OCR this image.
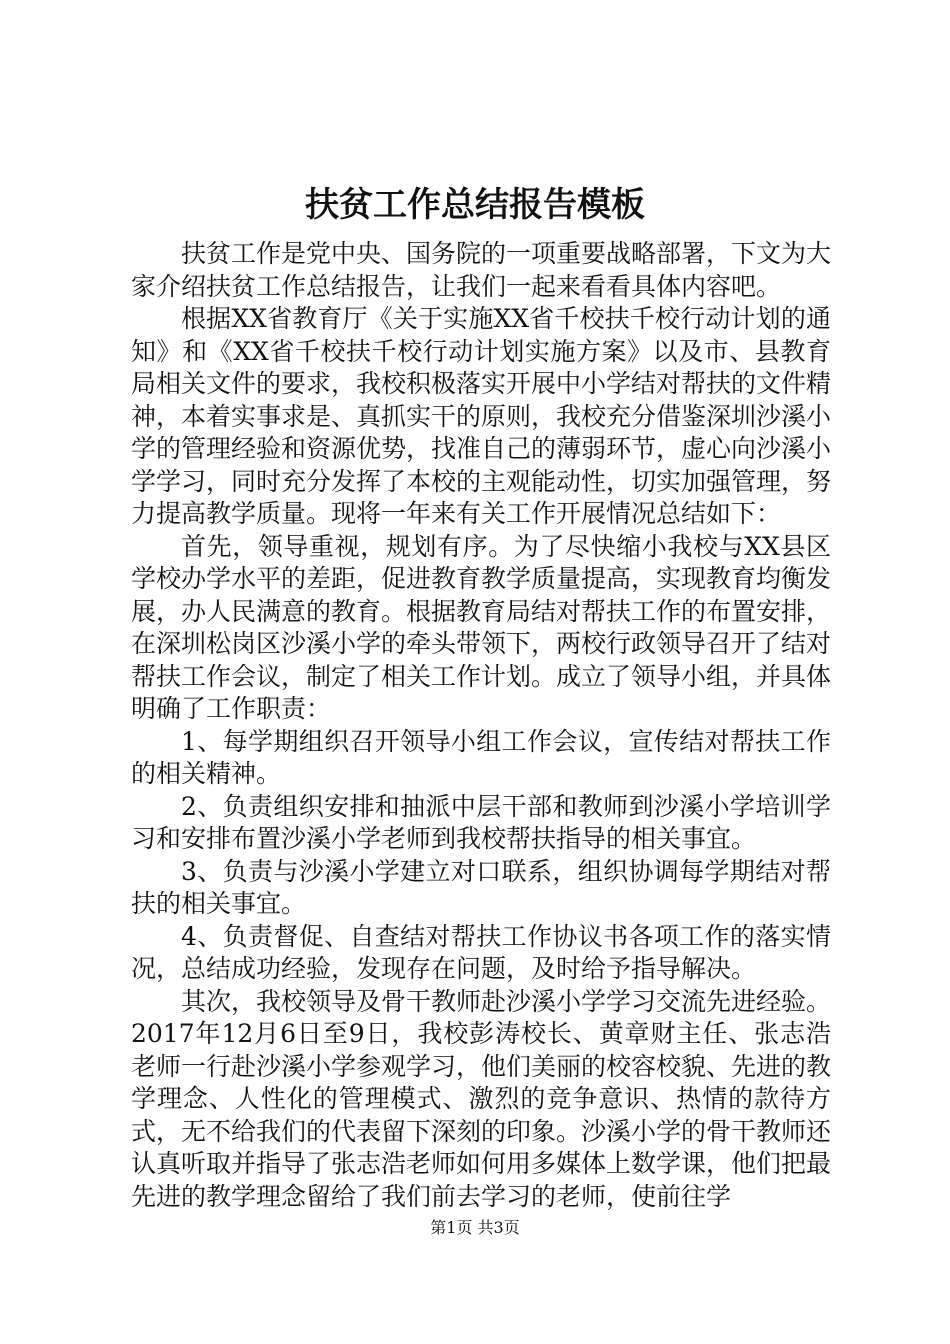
扶贫工作总结报告模板

扶贫工作是党中央、国务院的一项重要战略部署，下文为大家介绍扶贫工作总结报告，让我们一起来看看具体内容吧。

根据XX省教育厅《关于实施XX省千校扶千校行动计划的通知》和《XX省千校扶千校行动计划实施方案》以及市、县教育局相关文件的要求，我校积极落实开展中小学结对帮扶的文件精神，本着实事求是、真抓实干的原则，我校充分借鉴深圳沙溪小学的管理经验和资源优势，找准自己的薄弱环节，虚心向沙溪小学学习，同时充分发挥了本校的主观能动性，切实加强管理，努力提高教学质量。现将一年来有关工作开展情况总结如下：

首先，领导重视，规划有序。为了尽快缩小我校与XX县区学校办学水平的差距，促进教育教学质量提高，实现教育均衡发展，办人民满意的教育。根据教育局结对帮扶工作的布置安排，在深圳松岗区沙溪小学的牵头带领下，两校行政领导召开了结对帮扶工作会议，制定了相关工作计划。成立了领导小组，并具体明确了工作职责：

1、每学期组织召开领导小组工作会议，宣传结对帮扶工作的相关精神。

2、负责组织安排和抽派中层干部和教师到沙溪小学培训学习和安排布置沙溪小学老师到我校帮扶指导的相关事宜。

3、负责与沙溪小学建立对口联系，组织协调每学期结对帮扶的相关事宜。

4、负责督促、自查结对帮扶工作协议书各项工作的落实情况，总结成功经验，发现存在问题，及时给予指导解决。

其次，我校领导及骨干教师赴沙溪小学学习交流先进经验。2017年12月6日至9日，我校彭涛校长、黄章财主任、张志浩老师一行赴沙溪小学参观学习，他们美丽的校容校貌、先进的教学理念、人性化的管理模式、激烈的竞争意识、热情的款待方式，无不给我们的代表留下深刻的印象。沙溪小学的骨干教师还认真听取并指导了张志浩老师如何用多媒体上数学课，他们把最先进的教学理念留给了我们前去学习的老师，使前往学

第1页 共3页
